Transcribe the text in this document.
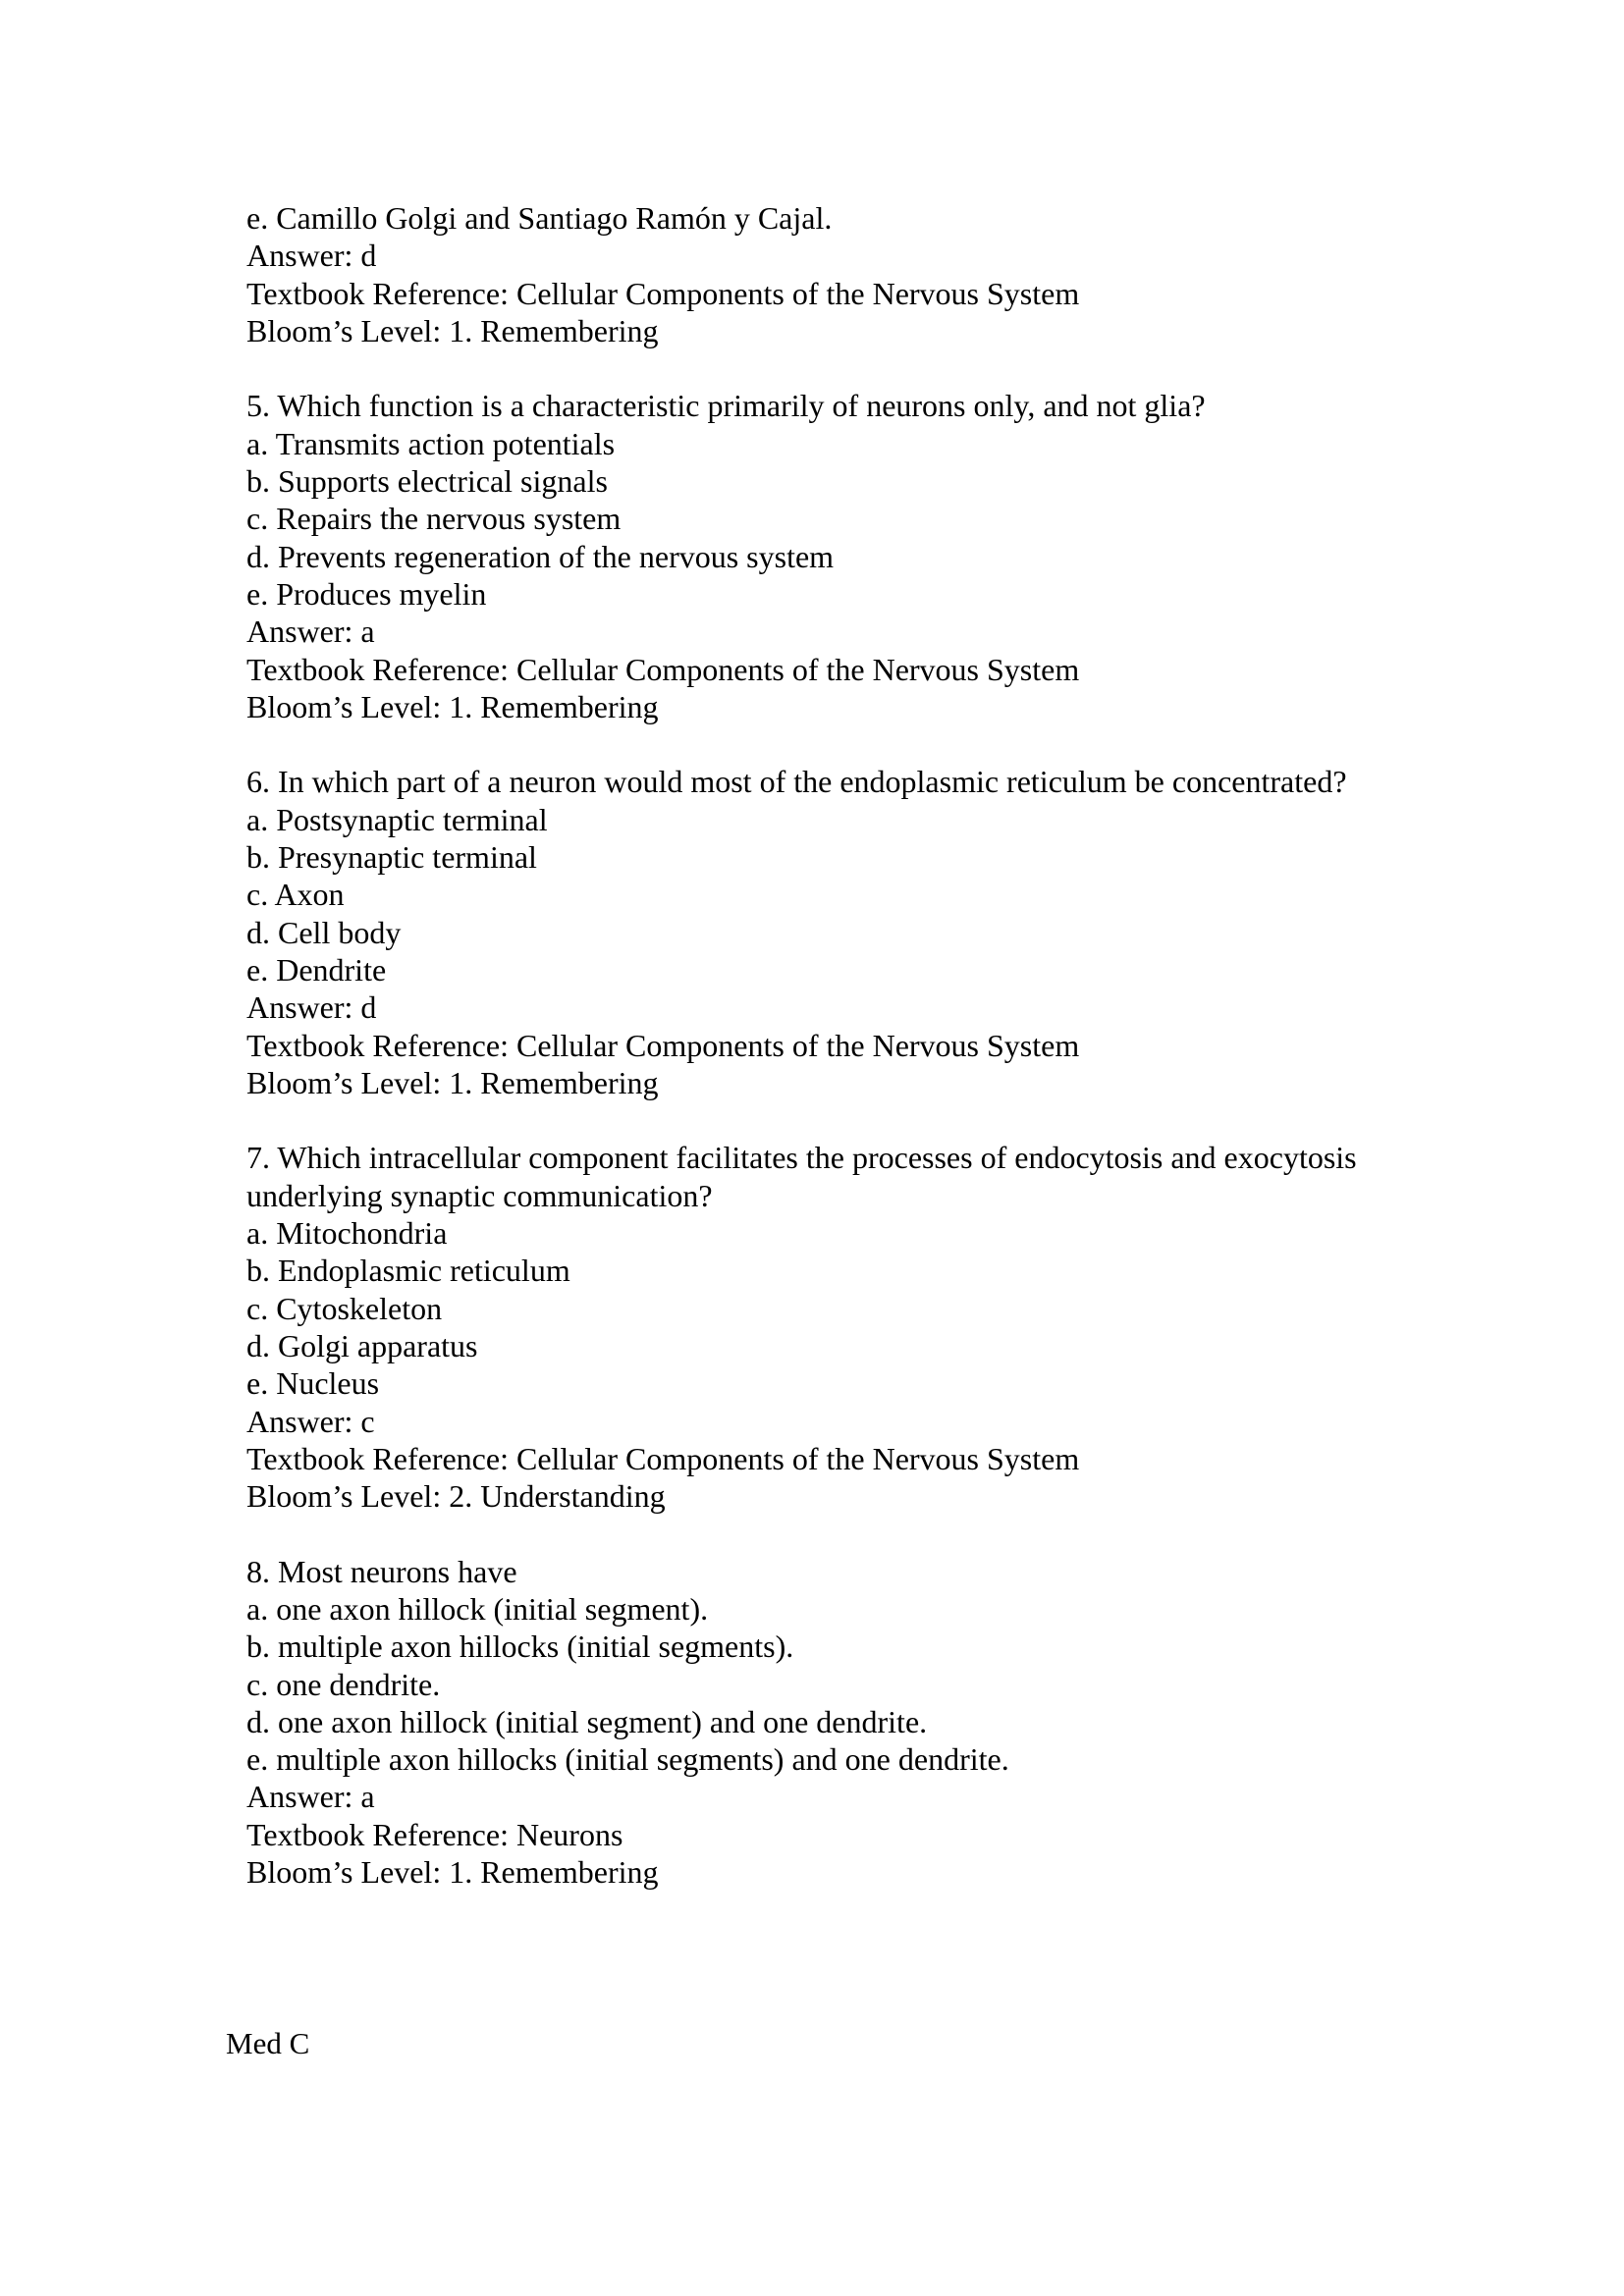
e. Camillo Golgi and Santiago Ramón y Cajal.
Answer: d
Textbook Reference: Cellular Components of the Nervous System
Bloom’s Level: 1. Remembering
5. Which function is a characteristic primarily of neurons only, and not glia?
a. Transmits action potentials
b. Supports electrical signals
c. Repairs the nervous system
d. Prevents regeneration of the nervous system
e. Produces myelin
Answer: a
Textbook Reference: Cellular Components of the Nervous System
Bloom’s Level: 1. Remembering
6. In which part of a neuron would most of the endoplasmic reticulum be concentrated?
a. Postsynaptic terminal
b. Presynaptic terminal
c. Axon
d. Cell body
e. Dendrite
Answer: d
Textbook Reference: Cellular Components of the Nervous System
Bloom’s Level: 1. Remembering
7. Which intracellular component facilitates the processes of endocytosis and exocytosis
underlying synaptic communication?
a. Mitochondria
b. Endoplasmic reticulum
c. Cytoskeleton
d. Golgi apparatus
e. Nucleus
Answer: c
Textbook Reference: Cellular Components of the Nervous System
Bloom’s Level: 2. Understanding
8. Most neurons have
a. one axon hillock (initial segment).
b. multiple axon hillocks (initial segments).
c. one dendrite.
d. one axon hillock (initial segment) and one dendrite.
e. multiple axon hillocks (initial segments) and one dendrite.
Answer: a
Textbook Reference: Neurons
Bloom’s Level: 1. Remembering
Med C
